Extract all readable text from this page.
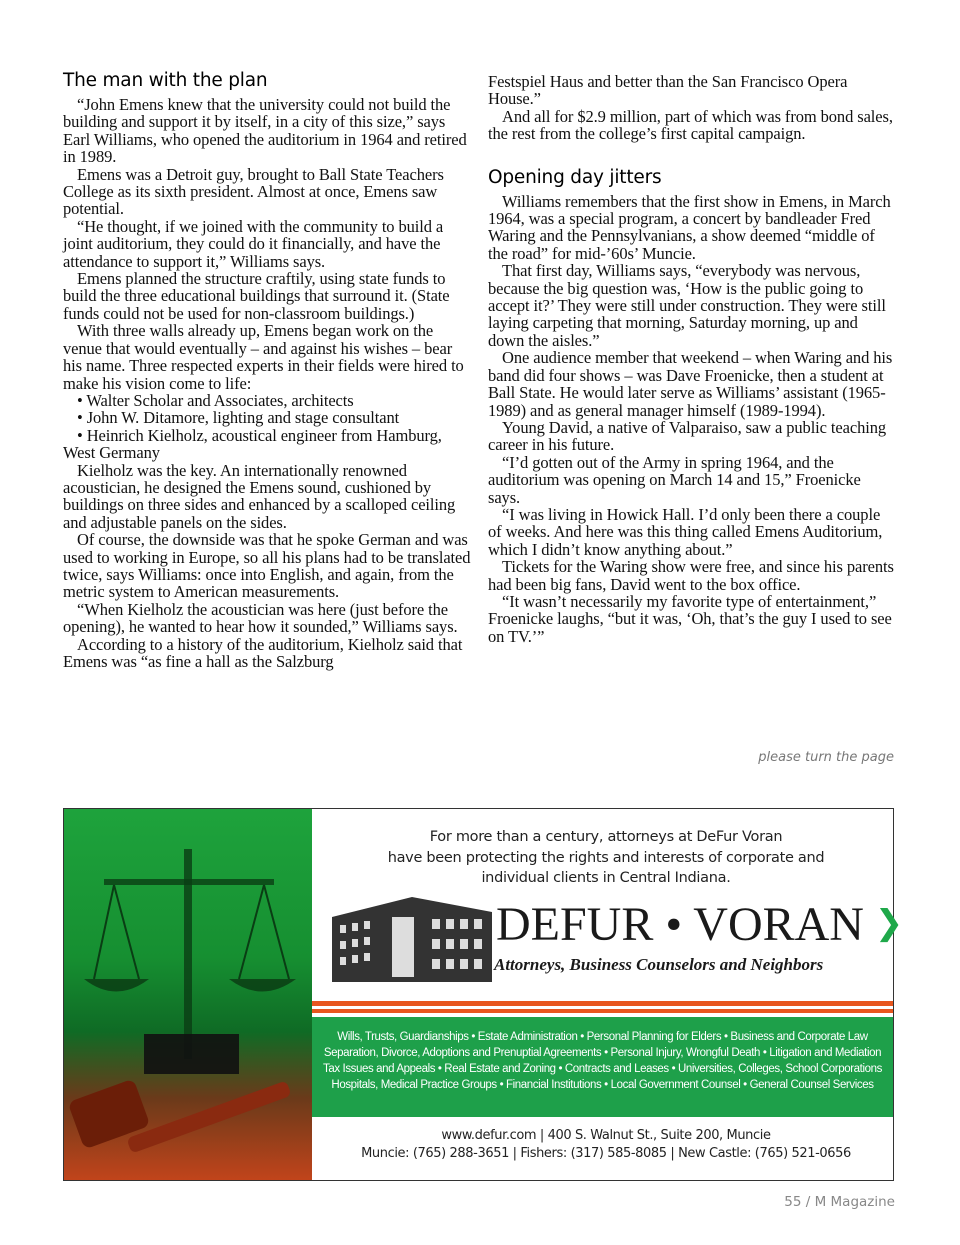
The man with the plan

“John Emens knew that the university could not build the building and support it by itself, in a city of this size,” says Earl Williams, who opened the auditorium in 1964 and retired in 1989.

Emens was a Detroit guy, brought to Ball State Teachers College as its sixth president. Almost at once, Emens saw potential.

“He thought, if we joined with the community to build a joint auditorium, they could do it financially, and have the attendance to support it,” Williams says.

Emens planned the structure craftily, using state funds to build the three educational buildings that surround it. (State funds could not be used for non-classroom buildings.)

With three walls already up, Emens began work on the venue that would eventually – and against his wishes – bear his name. Three respected experts in their fields were hired to make his vision come to life:

• Walter Scholar and Associates, architects

• John W. Ditamore, lighting and stage consultant

• Heinrich Kielholz, acoustical engineer from Hamburg, West Germany

Kielholz was the key. An internationally renowned acoustician, he designed the Emens sound, cushioned by buildings on three sides and enhanced by a scalloped ceiling and adjustable panels on the sides.

Of course, the downside was that he spoke German and was used to working in Europe, so all his plans had to be translated twice, says Williams: once into English, and again, from the metric system to American measurements.

“When Kielholz the acoustician was here (just before the opening), he wanted to hear how it sounded,” Williams says.

According to a history of the auditorium, Kielholz said that Emens was “as fine a hall as the Salzburg

Festspiel Haus and better than the San Francisco Opera House.”

And all for $2.9 million, part of which was from bond sales, the rest from the college’s first capital campaign.

Opening day jitters

Williams remembers that the first show in Emens, in March 1964, was a special program, a concert by bandleader Fred Waring and the Pennsylvanians, a show deemed “middle of the road” for mid-’60s’ Muncie.

That first day, Williams says, “everybody was nervous, because the big question was, ‘How is the public going to accept it?’ They were still under construction. They were still laying carpeting that morning, Saturday morning, up and down the aisles.”

One audience member that weekend – when Waring and his band did four shows – was Dave Froenicke, then a student at Ball State. He would later serve as Williams’ assistant (1965-1989) and as general manager himself (1989-1994).

Young David, a native of Valparaiso, saw a public teaching career in his future.

“I’d gotten out of the Army in spring 1964, and the auditorium was opening on March 14 and 15,” Froenicke says.

“I was living in Howick Hall. I’d only been there a couple of weeks. And here was this thing called Emens Auditorium, which I didn’t know anything about.”

Tickets for the Waring show were free, and since his parents had been big fans, David went to the box office.

“It wasn’t necessarily my favorite type of entertainment,” Froenicke laughs, “but it was, ‘Oh, that’s the guy I used to see on TV.’”

please turn the page
For more than a century, attorneys at DeFur Voran
have been protecting the rights and interests of corporate and
individual clients in Central Indiana.
DEFUR • VORAN ❯
Attorneys, Business Counselors and Neighbors
Wills, Trusts, Guardianships • Estate Administration • Personal Planning for Elders • Business and Corporate Law
Separation, Divorce, Adoptions and Prenuptial Agreements • Personal Injury, Wrongful Death • Litigation and Mediation
Tax Issues and Appeals • Real Estate and Zoning • Contracts and Leases • Universities, Colleges, School Corporations
Hospitals, Medical Practice Groups • Financial Institutions • Local Government Counsel • General Counsel Services
www.defur.com | 400 S. Walnut St., Suite 200, Muncie
Muncie: (765) 288-3651 | Fishers: (317) 585-8085 | New Castle: (765) 521-0656
55 / M Magazine
